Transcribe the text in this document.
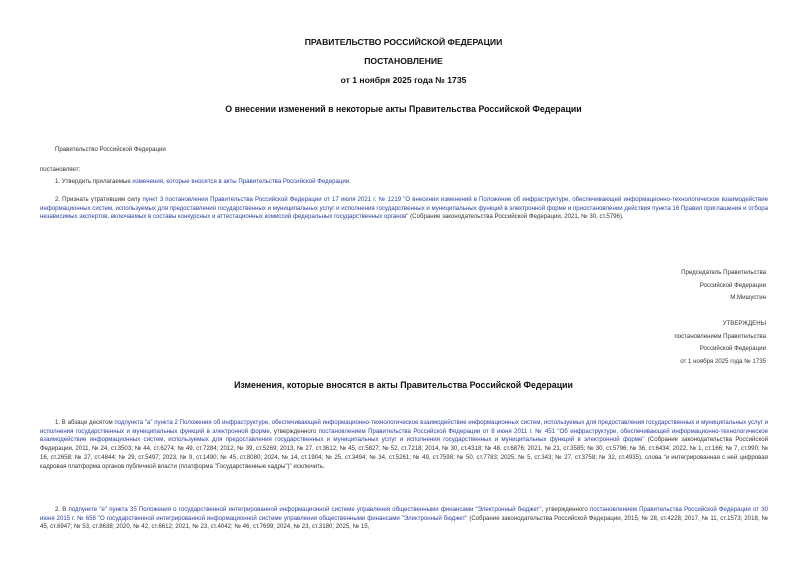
ПРАВИТЕЛЬСТВО РОССИЙСКОЙ ФЕДЕРАЦИИ
ПОСТАНОВЛЕНИЕ
от 1 ноября 2025 года № 1735
О внесении изменений в некоторые акты Правительства Российской Федерации
Правительство Российской Федерации
постановляет:
1. Утвердить прилагаемые изменения, которые вносятся в акты Правительства Российской Федерации.
2. Признать утратившим силу пункт 3 постановления Правительства Российской Федерации от 17 июля 2021 г. № 1219 "О внесении изменений в Положение об инфраструктуре, обеспечивающей информационно-технологическое взаимодействие информационных систем, используемых для предоставления государственных и муниципальных услуг и исполнения государственных и муниципальных функций в электронной форме и приостановлении действия пункта 16 Правил приглашения и отбора независимых экспертов, включаемых в составы конкурсных и аттестационных комиссий федеральных государственных органов" (Собрание законодательства Российской Федерации, 2021, № 30, ст.5796).
Председатель Правительства
Российской Федерации
М.Мишустин
УТВЕРЖДЕНЫ
постановлением Правительства
Российской Федерации
от 1 ноября 2025 года № 1735
Изменения, которые вносятся в акты Правительства Российской Федерации
1. В абзаце десятом подпункта "а" пункта 2 Положения об инфраструктуре, обеспечивающей информационно-технологическое взаимодействие информационных систем, используемых для предоставления государственных и муниципальных услуг и исполнения государственных и муниципальных функций в электронной форме, утвержденного постановлением Правительства Российской Федерации от 8 июня 2011 г. № 451 "Об инфраструктуре, обеспечивающей информационно-технологическое взаимодействие информационных систем, используемых для предоставления государственных и муниципальных услуг и исполнения государственных и муниципальных функций в электронной форме" (Собрание законодательства Российской Федерации, 2011, № 24, ст.3503; № 44, ст.6274; № 49, ст.7284; 2012, № 39, ст.5269; 2013, № 27, ст.3612; № 45, ст.5827; № 52, ст.7218; 2014, № 30, ст.4318; № 48, ст.6876; 2021, № 21, ст.3585; № 30, ст.5796; № 36, ст.6434; 2022, № 1, ст.166; № 7, ст.990; № 16, ст.2658; № 27, ст.4844; № 29, ст.5497; 2023, № 9, ст.1490; № 45, ст.8080; 2024, № 14, ст.1904; № 25, ст.3494; № 34, ст.5261; № 49, ст.7598; № 50, ст.7783; 2025, № 5, ст.343; № 27, ст.3758; № 32, ст.4935), слова "и интегрированная с ней цифровая кадровая платформа органов публичной власти (платформа "Государственные кадры")" исключить.
2. В подпункте "е" пункта 35 Положения о государственной интегрированной информационной системе управления общественными финансами "Электронный бюджет", утвержденного постановлением Правительства Российской Федерации от 30 июня 2015 г. № 658 "О государственной интегрированной информационной системе управления общественными финансами "Электронный бюджет" (Собрание законодательства Российской Федерации, 2015, № 28, ст.4228; 2017, № 11, ст.1573; 2018, № 45, ст.6947; № 53, ст.8638; 2020, № 42, ст.6612; 2021, № 23, ст.4042; № 46, ст.7699; 2024, № 23, ст.3180; 2025, № 15,
